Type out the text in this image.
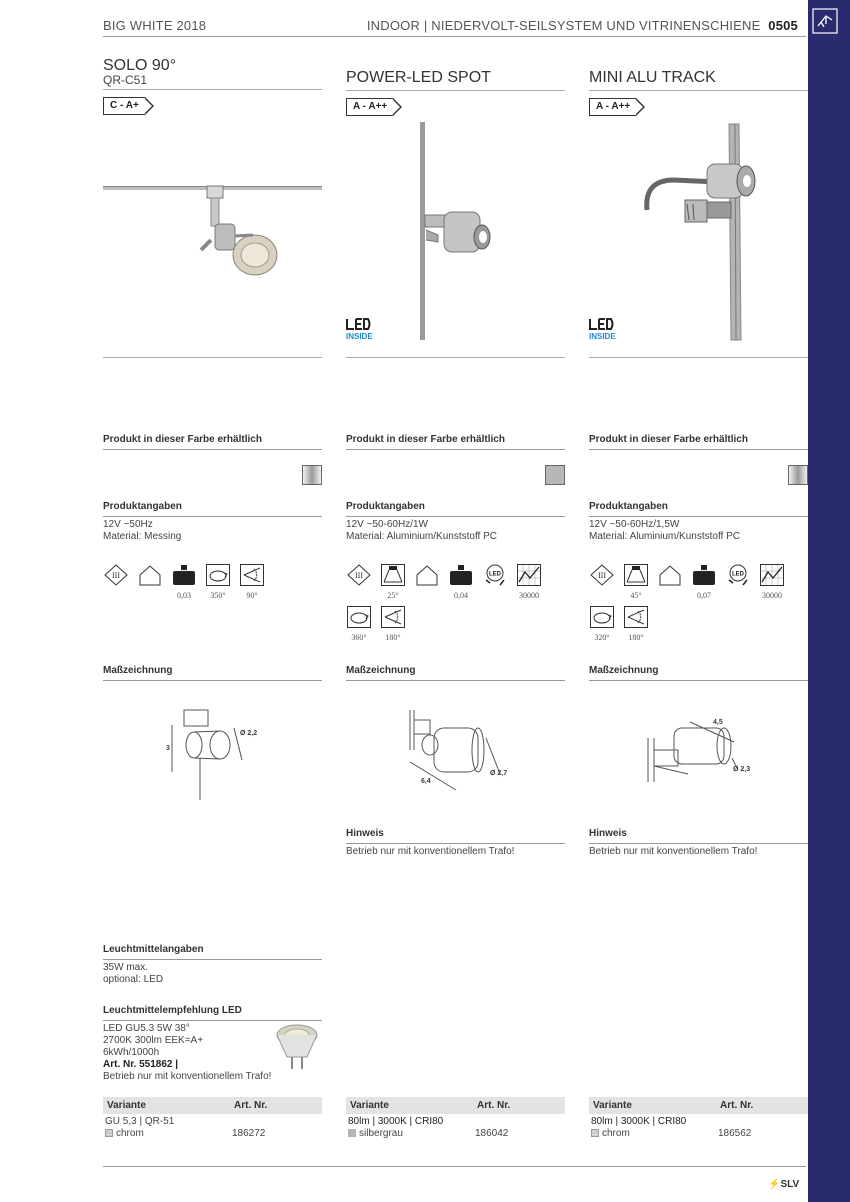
BIG WHITE 2018	INDOOR | NIEDERVOLT-SEILSYSTEM UND VITRINENSCHIENE 0505
SOLO 90°
QR-C51
C - A+
Produkt in dieser Farbe erhältlich
Produktangaben
12V ~50Hz
Material: Messing
III
0,03	350°	90°
Maßzeichnung
Ø 2,2
3
Leuchtmittelangaben
35W max.
optional: LED
Leuchtmittelempfehlung LED
LED GU5.3 5W 38°
2700K 300lm EEK=A+
6kWh/1000h
Art. Nr. 551862 |
Betrieb nur mit konventionellem Trafo!
Variante	Art. Nr.
GU 5,3 | QR-51
chrom	186272
POWER-LED SPOT
A - A++
INSIDE
Produkt in dieser Farbe erhältlich
Produktangaben
12V ~50-60Hz/1W
Material: Aluminium/Kunststoff PC
III
25°	0,04
LED
30000
360°	180°
Maßzeichnung
6,4
Ø 2,7
Hinweis
Betrieb nur mit konventionellem Trafo!
Variante	Art. Nr.
80lm | 3000K | CRI80
silbergrau	186042
MINI ALU TRACK
A - A++
INSIDE
Produkt in dieser Farbe erhältlich
Produktangaben
12V ~50-60Hz/1,5W
Material: Aluminium/Kunststoff PC
III
45°	0,07
LED
30000
320°	180°
Maßzeichnung
4,5
Ø 2,3
Hinweis
Betrieb nur mit konventionellem Trafo!
Variante	Art. Nr.
80lm | 3000K | CRI80
chrom	186562
⚡SLV
